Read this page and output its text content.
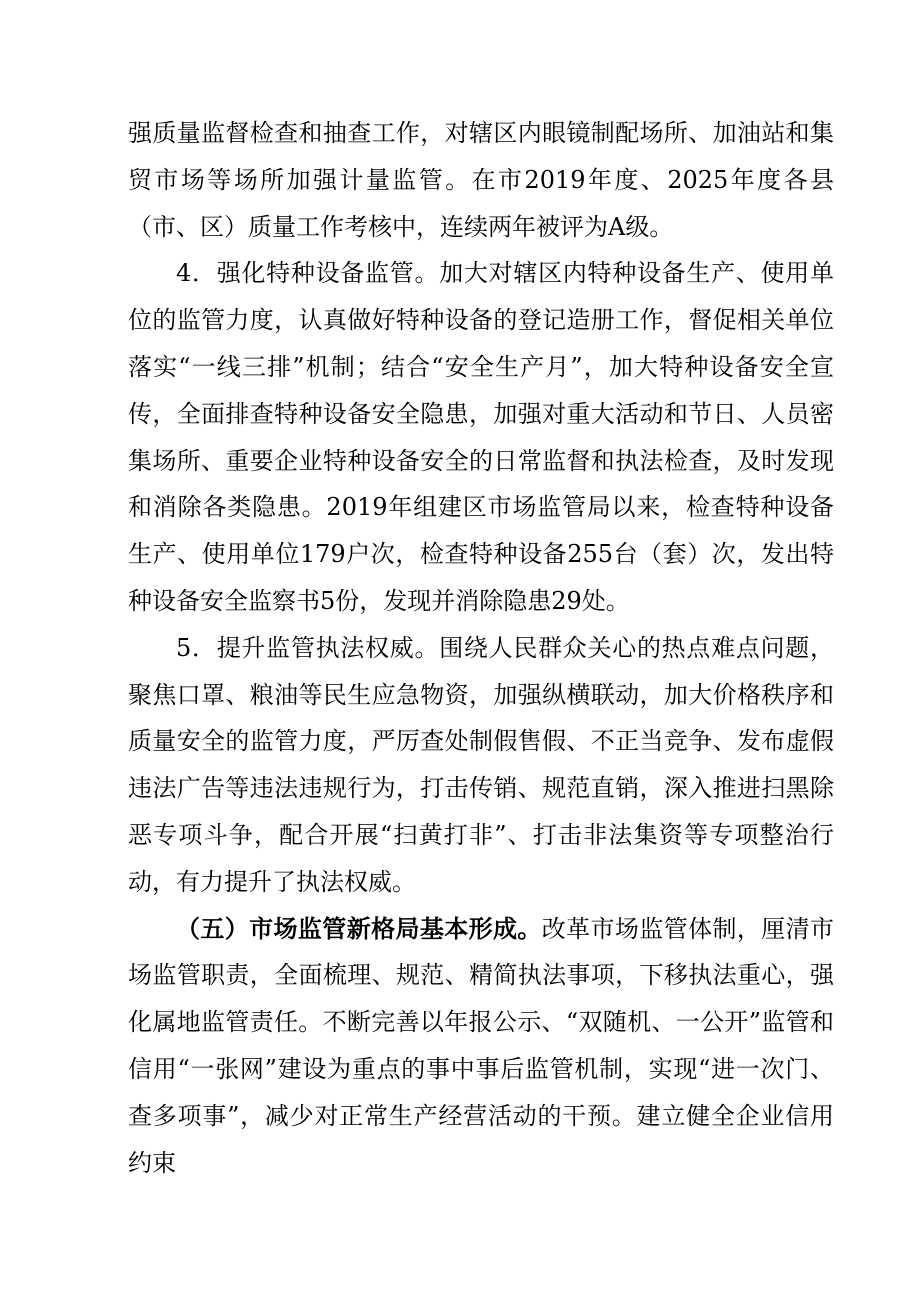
强质量监督检查和抽查工作，对辖区内眼镜制配场所、加油站和集贸市场等场所加强计量监管。在市2019年度、2025年度各县（市、区）质量工作考核中，连续两年被评为A级。

4．强化特种设备监管。加大对辖区内特种设备生产、使用单位的监管力度，认真做好特种设备的登记造册工作，督促相关单位落实“一线三排”机制；结合“安全生产月”，加大特种设备安全宣传，全面排查特种设备安全隐患，加强对重大活动和节日、人员密集场所、重要企业特种设备安全的日常监督和执法检查，及时发现和消除各类隐患。2019年组建区市场监管局以来，检查特种设备生产、使用单位179户次，检查特种设备255台（套）次，发出特种设备安全监察书5份，发现并消除隐患29处。

5．提升监管执法权威。围绕人民群众关心的热点难点问题，聚焦口罩、粮油等民生应急物资，加强纵横联动，加大价格秩序和质量安全的监管力度，严厉查处制假售假、不正当竞争、发布虚假违法广告等违法违规行为，打击传销、规范直销，深入推进扫黑除恶专项斗争，配合开展“扫黄打非”、打击非法集资等专项整治行动，有力提升了执法权威。

（五）市场监管新格局基本形成。改革市场监管体制，厘清市场监管职责，全面梳理、规范、精简执法事项，下移执法重心，强化属地监管责任。不断完善以年报公示、“双随机、一公开”监管和信用“一张网”建设为重点的事中事后监管机制，实现“进一次门、查多项事”，减少对正常生产经营活动的干预。建立健全企业信用约束
